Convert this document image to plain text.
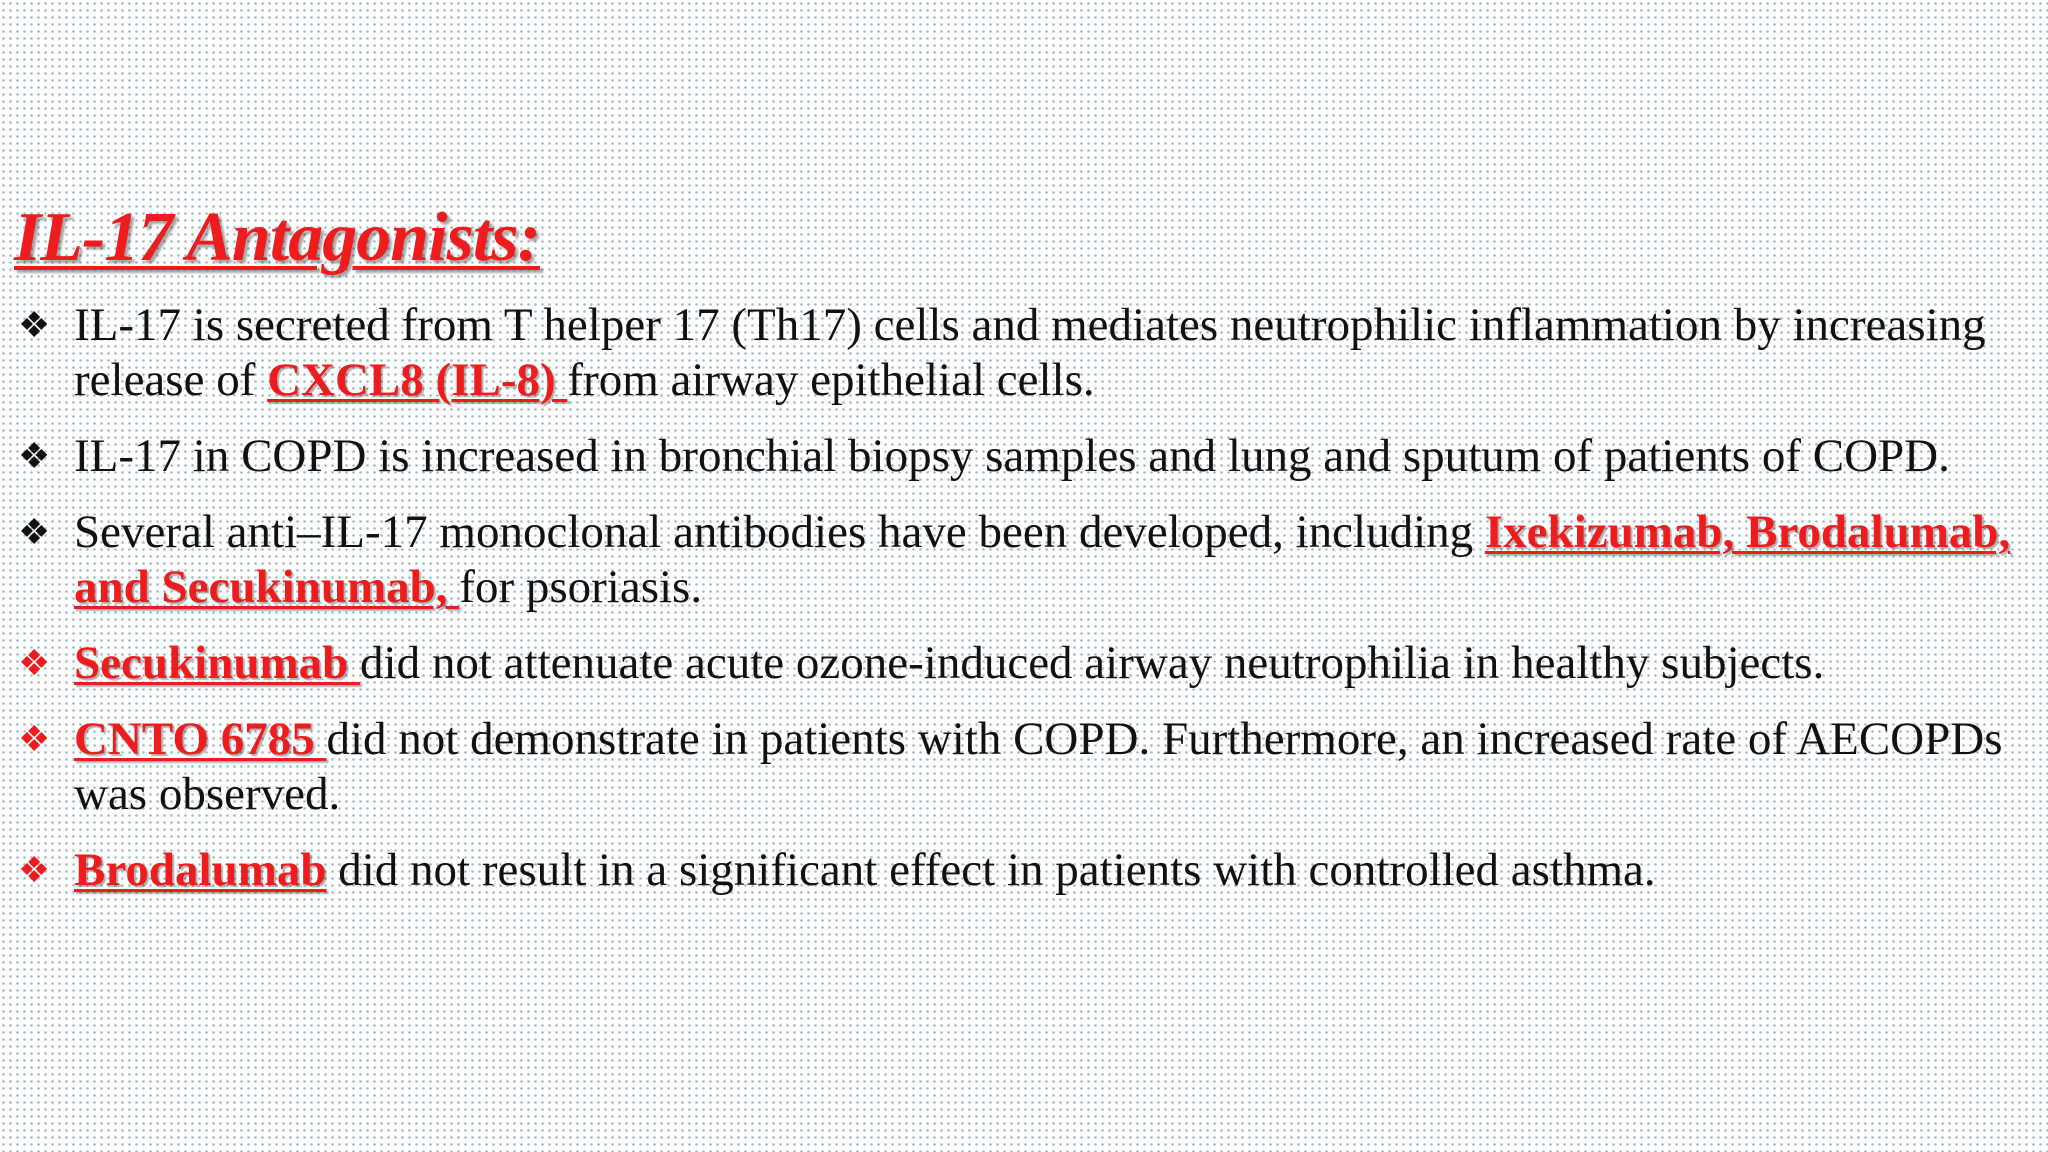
IL-17 Antagonists:
❖ IL-17 is secreted from T helper 17 (Th17) cells and mediates neutrophilic inflammation by increasing release of CXCL8 (IL-8) from airway epithelial cells.
❖ IL-17 in COPD is increased in bronchial biopsy samples and lung and sputum of patients of COPD.
❖ Several anti–IL-17 monoclonal antibodies have been developed, including Ixekizumab, Brodalumab, and Secukinumab, for psoriasis.
❖ Secukinumab did not attenuate acute ozone-induced airway neutrophilia in healthy subjects.
❖ CNTO 6785 did not demonstrate in patients with COPD. Furthermore, an increased rate of AECOPDs was observed.
❖ Brodalumab did not result in a significant effect in patients with controlled asthma.
